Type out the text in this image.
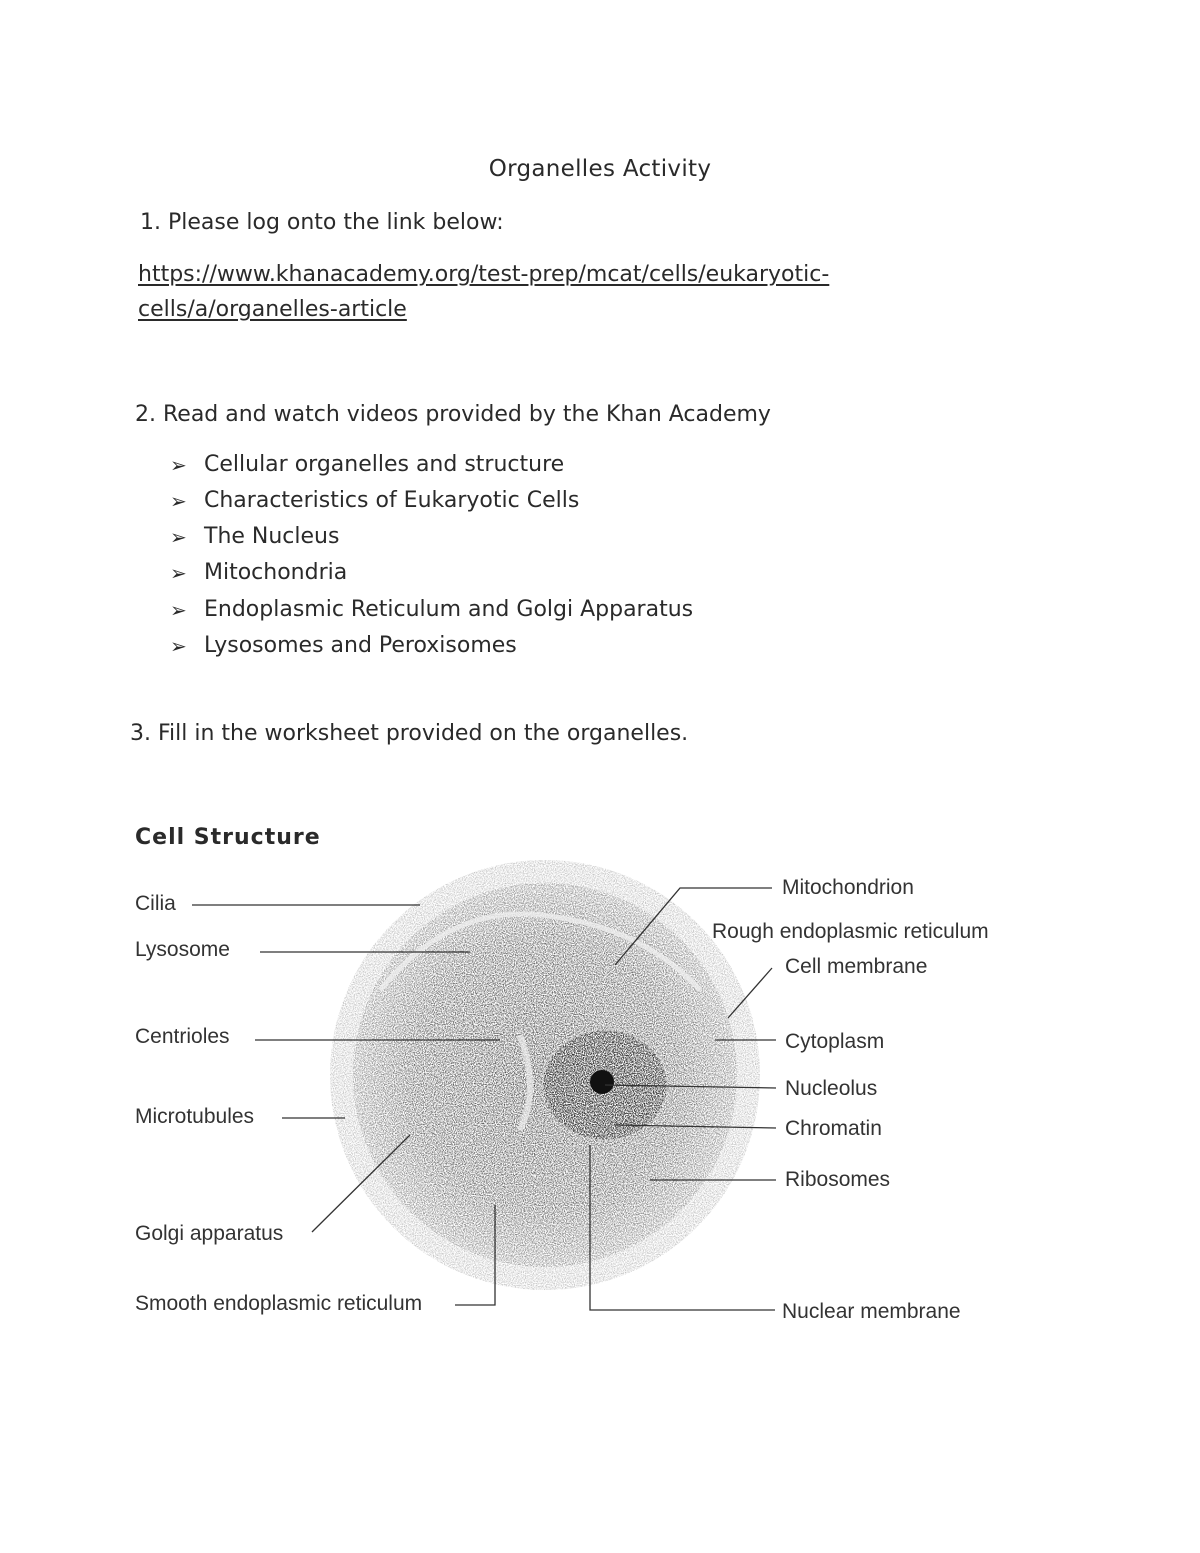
Organelles Activity
1. Please log onto the link below:
https://www.khanacademy.org/test-prep/mcat/cells/eukaryotic-
cells/a/organelles-article
2. Read and watch videos provided by the Khan Academy
➢ Cellular organelles and structure
➢ Characteristics of Eukaryotic Cells
➢ The Nucleus
➢ Mitochondria
➢ Endoplasmic Reticulum and Golgi Apparatus
➢ Lysosomes and Peroxisomes
3. Fill in the worksheet provided on the organelles.
Cell Structure
Cilia
Lysosome
Centrioles
Microtubules
Golgi apparatus
Smooth endoplasmic reticulum
Mitochondrion
Rough endoplasmic reticulum
Cell membrane
Cytoplasm
Nucleolus
Chromatin
Ribosomes
Nuclear membrane
